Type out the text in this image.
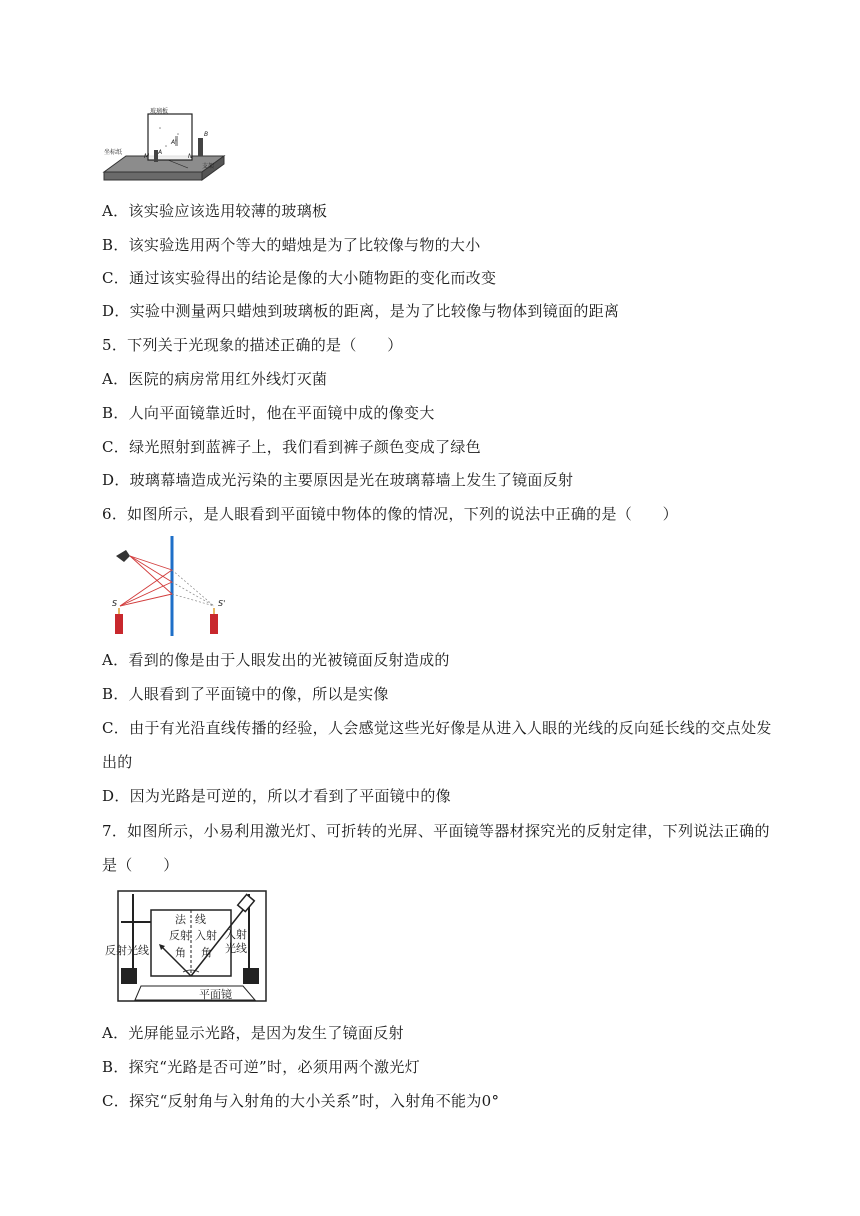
玻璃板
坐标纸
支架
A
B
A'
M	N
A．该实验应该选用较薄的玻璃板
B．该实验选用两个等大的蜡烛是为了比较像与物的大小
C．通过该实验得出的结论是像的大小随物距的变化而改变
D．实验中测量两只蜡烛到玻璃板的距离，是为了比较像与物体到镜面的距离
5．下列关于光现象的描述正确的是（　　）
A．医院的病房常用红外线灯灭菌
B．人向平面镜靠近时，他在平面镜中成的像变大
C．绿光照射到蓝裤子上，我们看到裤子颜色变成了绿色
D．玻璃幕墙造成光污染的主要原因是光在玻璃幕墙上发生了镜面反射
6．如图所示，是人眼看到平面镜中物体的像的情况，下列的说法中正确的是（　　）
S	S'
A．看到的像是由于人眼发出的光被镜面反射造成的
B．人眼看到了平面镜中的像，所以是实像
C．由于有光沿直线传播的经验，人会感觉这些光好像是从进入人眼的光线的反向延长线的交点处发
出的
D．因为光路是可逆的，所以才看到了平面镜中的像
7．如图所示，小易利用激光灯、可折转的光屏、平面镜等器材探究光的反射定律，下列说法正确的
是（　　）
法 线
反 射 入 射
角 角
反射光线
入射
光线
平面镜
A．光屏能显示光路，是因为发生了镜面反射
B．探究“光路是否可逆”时，必须用两个激光灯
C．探究“反射角与入射角的大小关系”时，入射角不能为0°
